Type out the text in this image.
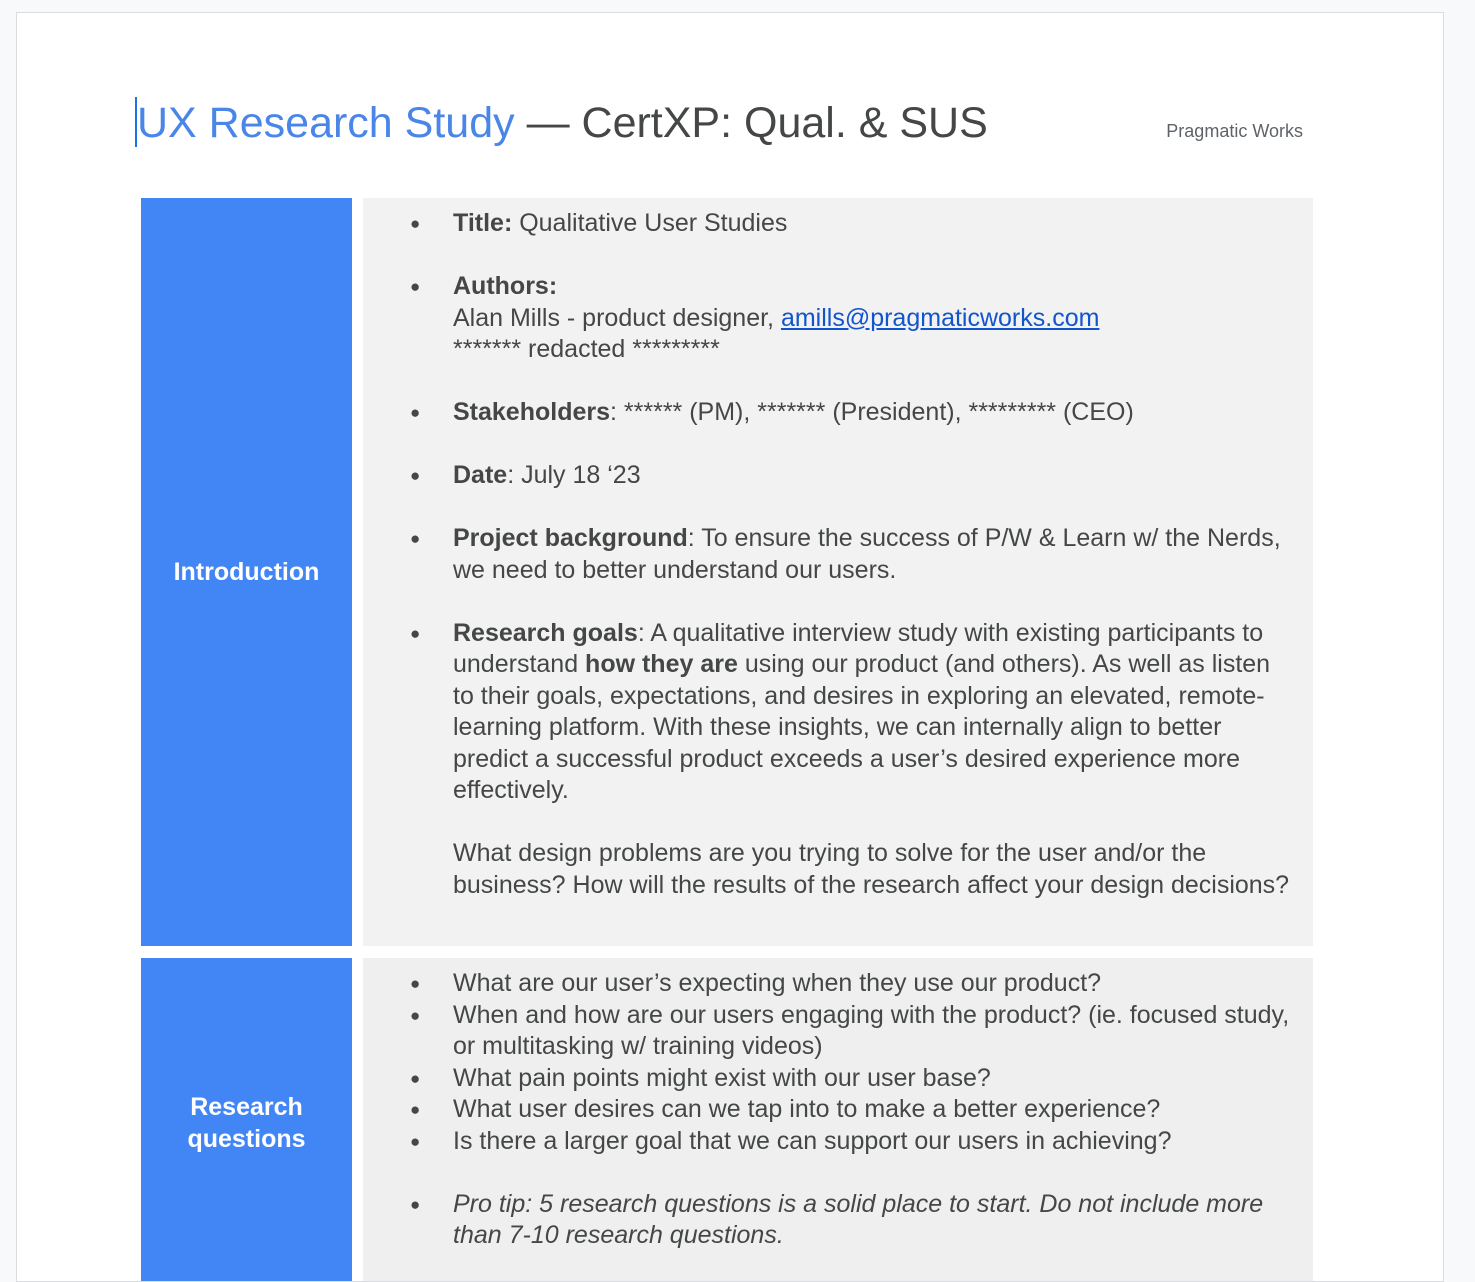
UX Research Study — CertXP: Qual. & SUS	Pragmatic Works
Introduction
● Title: Qualitative User Studies
● Authors:
Alan Mills - product designer, amills@pragmaticworks.com
******* redacted *********
● Stakeholders: ****** (PM), ******* (President), ********* (CEO)
● Date: July 18 ‘23
● Project background: To ensure the success of P/W & Learn w/ the Nerds, we need to better understand our users.
● Research goals: A qualitative interview study with existing participants to understand how they are using our product (and others). As well as listen to their goals, expectations, and desires in exploring an elevated, remote-learning platform. With these insights, we can internally align to better predict a successful product exceeds a user’s desired experience more effectively.
What design problems are you trying to solve for the user and/or the business? How will the results of the research affect your design decisions?
Research questions
● What are our user’s expecting when they use our product?
● When and how are our users engaging with the product? (ie. focused study, or multitasking w/ training videos)
● What pain points might exist with our user base?
● What user desires can we tap into to make a better experience?
● Is there a larger goal that we can support our users in achieving?
● Pro tip: 5 research questions is a solid place to start. Do not include more than 7-10 research questions.
